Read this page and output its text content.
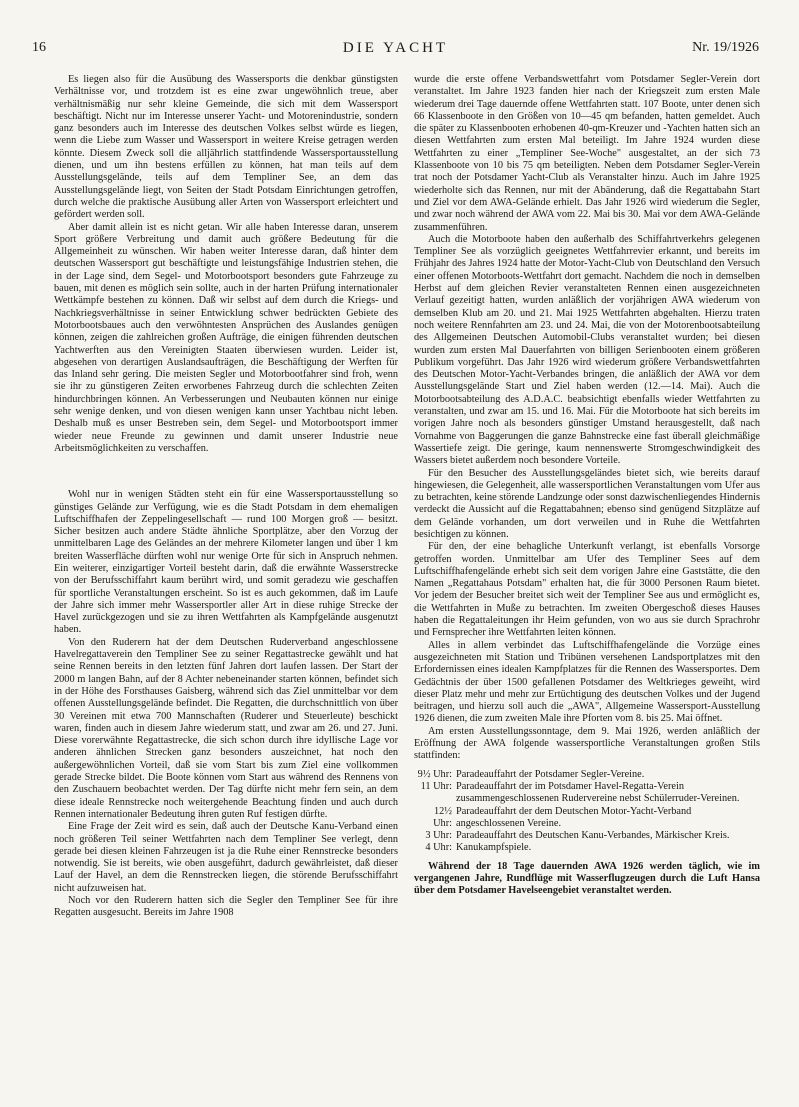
16	DIE YACHT	Nr. 19/1926

Es liegen also für die Ausübung des Wassersports die denkbar günstigsten Verhältnisse vor, und trotzdem ist es eine zwar ungewöhnlich treue, aber verhältnismäßig nur sehr kleine Gemeinde, die sich mit dem Wassersport beschäftigt. Nicht nur im Interesse unserer Yacht- und Motorenindustrie, sondern ganz besonders auch im Interesse des deutschen Volkes selbst würde es liegen, wenn die Liebe zum Wasser und Wassersport in weitere Kreise getragen werden könnte. Diesem Zweck soll die alljährlich stattfindende Wassersportausstellung dienen, und um ihn bestens erfüllen zu können, hat man teils auf dem Ausstellungsgelände, teils auf dem Templiner See, an dem das Ausstellungsgelände liegt, von Seiten der Stadt Potsdam Einrichtungen getroffen, durch welche die praktische Ausübung aller Arten von Wassersport erleichtert und gefördert werden soll.

Aber damit allein ist es nicht getan. Wir alle haben Interesse daran, unserem Sport größere Verbreitung und damit auch größere Bedeutung für die Allgemeinheit zu wünschen. Wir haben weiter Interesse daran, daß hinter dem deutschen Wassersport gut beschäftigte und leistungsfähige Industrien stehen, die in der Lage sind, dem Segel- und Motorbootsport besonders gute Fahrzeuge zu bauen, mit denen es möglich sein sollte, auch in der harten Prüfung internationaler Wettkämpfe bestehen zu können. Daß wir selbst auf dem durch die Kriegs- und Nachkriegsverhältnisse in seiner Entwicklung schwer bedrückten Gebiete des Motorbootsbaues auch den verwöhntesten Ansprüchen des Auslandes genügen können, zeigen die zahlreichen großen Aufträge, die einigen führenden deutschen Yachtwerften aus den Vereinigten Staaten überwiesen wurden. Leider ist, abgesehen von derartigen Auslandsaufträgen, die Beschäftigung der Werften für das Inland sehr gering. Die meisten Segler und Motorbootfahrer sind froh, wenn sie ihr zu günstigeren Zeiten erworbenes Fahrzeug durch die schlechten Zeiten hindurchbringen können. An Verbesserungen und Neubauten können nur einige sehr wenige denken, und von diesen wenigen kann unser Yachtbau nicht leben. Deshalb muß es unser Bestreben sein, dem Segel- und Motorbootsport immer wieder neue Freunde zu gewinnen und damit unserer Industrie neue Arbeitsmöglichkeiten zu verschaffen.

Wohl nur in wenigen Städten steht ein für eine Wassersportausstellung so günstiges Gelände zur Verfügung, wie es die Stadt Potsdam in dem ehemaligen Luftschiffhafen der Zeppelingesellschaft — rund 100 Morgen groß — besitzt. Sicher besitzen auch andere Städte ähnliche Sportplätze, aber den Vorzug der unmittelbaren Lage des Geländes an der mehrere Kilometer langen und über 1 km breiten Wasserfläche dürften wohl nur wenige Orte für sich in Anspruch nehmen. Ein weiterer, einzigartiger Vorteil besteht darin, daß die erwähnte Wasserstrecke von der Berufsschiffahrt kaum berührt wird, und somit geradezu wie geschaffen für sportliche Veranstaltungen erscheint. So ist es auch gekommen, daß im Laufe der Jahre sich immer mehr Wassersportler aller Art in diese ruhige Strecke der Havel zurückgezogen und sie zu ihren Wettfahrten als Kampfgelände ausgenutzt haben.

Von den Ruderern hat der dem Deutschen Ruderverband angeschlossene Havelregattaverein den Templiner See zu seiner Regattastrecke gewählt und hat seine Rennen bereits in den letzten fünf Jahren dort laufen lassen. Der Start der 2000 m langen Bahn, auf der 8 Achter nebeneinander starten können, befindet sich in der Höhe des Forsthauses Gaisberg, während sich das Ziel unmittelbar vor dem offenen Ausstellungsgelände befindet. Die Regatten, die durchschnittlich von über 30 Vereinen mit etwa 700 Mannschaften (Ruderer und Steuerleute) beschickt waren, finden auch in diesem Jahre wiederum statt, und zwar am 26. und 27. Juni. Diese vorerwähnte Regattastrecke, die sich schon durch ihre idyllische Lage vor anderen ähnlichen Strecken ganz besonders auszeichnet, hat noch den außergewöhnlichen Vorteil, daß sie vom Start bis zum Ziel eine vollkommen gerade Strecke bildet. Die Boote können vom Start aus während des Rennens von den Zuschauern beobachtet werden. Der Tag dürfte nicht mehr fern sein, an dem diese ideale Rennstrecke noch weitergehende Beachtung finden und auch durch Rennen internationaler Bedeutung ihren guten Ruf festigen dürfte.

Eine Frage der Zeit wird es sein, daß auch der Deutsche Kanu-Verband einen noch größeren Teil seiner Wettfahrten nach dem Templiner See verlegt, denn gerade bei diesen kleinen Fahrzeugen ist ja die Ruhe einer Rennstrecke besonders notwendig. Sie ist bereits, wie oben ausgeführt, dadurch gewährleistet, daß dieser Lauf der Havel, an dem die Rennstrecken liegen, die störende Berufsschiffahrt nicht aufzuweisen hat.

Noch vor den Ruderern hatten sich die Segler den Templiner See für ihre Regatten ausgesucht. Bereits im Jahre 1908

wurde die erste offene Verbandswettfahrt vom Potsdamer Segler-Verein dort veranstaltet. Im Jahre 1923 fanden hier nach der Kriegszeit zum ersten Male wiederum drei Tage dauernde offene Wettfahrten statt. 107 Boote, unter denen sich 66 Klassenboote in den Größen von 10—45 qm befanden, hatten gemeldet. Auch die später zu Klassenbooten erhobenen 40-qm-Kreuzer und -Yachten hatten sich an diesen Wettfahrten zum ersten Mal beteiligt. Im Jahre 1924 wurden diese Wettfahrten zu einer „Templiner See-Woche" ausgestaltet, an der sich 73 Klassenboote von 10 bis 75 qm beteiligten. Neben dem Potsdamer Segler-Verein trat noch der Potsdamer Yacht-Club als Veranstalter hinzu. Auch im Jahre 1925 wiederholte sich das Rennen, nur mit der Abänderung, daß die Regattabahn Start und Ziel vor dem AWA-Gelände erhielt. Das Jahr 1926 wird wiederum die Segler, und zwar noch während der AWA vom 22. Mai bis 30. Mai vor dem AWA-Gelände zusammenführen.

Auch die Motorboote haben den außerhalb des Schiffahrtverkehrs gelegenen Templiner See als vorzüglich geeignetes Wettfahrrevier erkannt, und bereits im Frühjahr des Jahres 1924 hatte der Motor-Yacht-Club von Deutschland den Versuch einer offenen Motorboots-Wettfahrt dort gemacht. Nachdem die noch in demselben Herbst auf dem gleichen Revier veranstalteten Rennen einen ausgezeichneten Verlauf gezeitigt hatten, wurden anläßlich der vorjährigen AWA wiederum von demselben Klub am 20. und 21. Mai 1925 Wettfahrten abgehalten. Hierzu traten noch weitere Rennfahrten am 23. und 24. Mai, die von der Motorenbootsabteilung des Allgemeinen Deutschen Automobil-Clubs veranstaltet wurden; bei diesen wurden zum ersten Mal Dauerfahrten von billigen Serienbooten einem größeren Publikum vorgeführt. Das Jahr 1926 wird wiederum größere Verbandswettfahrten des Deutschen Motor-Yacht-Verbandes bringen, die anläßlich der AWA vor dem Ausstellungsgelände Start und Ziel haben werden (12.—14. Mai). Auch die Motorbootsabteilung des A.D.A.C. beabsichtigt ebenfalls wieder Wettfahrten zu veranstalten, und zwar am 15. und 16. Mai. Für die Motorboote hat sich bereits im vorigen Jahre noch als besonders günstiger Umstand herausgestellt, daß nach Vornahme von Baggerungen die ganze Bahnstrecke eine fast überall gleichmäßige Wassertiefe zeigt. Die geringe, kaum nennenswerte Stromgeschwindigkeit des Wassers bietet außerdem noch besondere Vorteile.

Für den Besucher des Ausstellungsgeländes bietet sich, wie bereits darauf hingewiesen, die Gelegenheit, alle wassersportlichen Veranstaltungen vom Ufer aus zu betrachten, keine störende Landzunge oder sonst dazwischenliegendes Hindernis verdeckt die Aussicht auf die Regattabahnen; ebenso sind genügend Sitzplätze auf dem Gelände vorhanden, um dort verweilen und in Ruhe die Wettfahrten besichtigen zu können.

Für den, der eine behagliche Unterkunft verlangt, ist ebenfalls Vorsorge getroffen worden. Unmittelbar am Ufer des Templiner Sees auf dem Luftschiffhafengelände erhebt sich seit dem vorigen Jahre eine Gaststätte, die den Namen „Regattahaus Potsdam" erhalten hat, die für 3000 Personen Raum bietet. Vor jedem der Besucher breitet sich weit der Templiner See aus und ermöglicht es, die Wettfahrten in Muße zu betrachten. Im zweiten Obergeschoß dieses Hauses haben die Regattaleitungen ihr Heim gefunden, von wo aus sie durch Sprachrohr und Fernsprecher ihre Wettfahrten leiten können.

Alles in allem verbindet das Luftschiffhafengelände die Vorzüge eines ausgezeichneten mit Station und Tribünen versehenen Landsportplatzes mit den Erfordernissen eines idealen Kampfplatzes für die Rennen des Wassersportes. Dem Gedächtnis der über 1500 gefallenen Potsdamer des Weltkrieges geweiht, wird dieser Platz mehr und mehr zur Ertüchtigung des deutschen Volkes und der Jugend beitragen, und hierzu soll auch die „AWA", Allgemeine Wassersport-Ausstellung 1926 dienen, die zum zweiten Male ihre Pforten vom 8. bis 25. Mai öffnet.

Am ersten Ausstellungssonntage, dem 9. Mai 1926, werden anläßlich der Eröffnung der AWA folgende wassersportliche Veranstaltungen großen Stils stattfinden:

9½ Uhr: Paradeauffahrt der Potsdamer Segler-Vereine.
11 Uhr: Paradeauffahrt der im Potsdamer Havel-Regatta-Verein zusammengeschlossenen Rudervereine nebst Schülerruder-Vereinen.
12½ Uhr:
Paradeauffahrt der dem Deutschen Motor-Yacht-Verband angeschlossenen Vereine.
3 Uhr: Paradeauffahrt des Deutschen Kanu-Verbandes, Märkischer Kreis.
4 Uhr: Kanukampfspiele.

Während der 18 Tage dauernden AWA 1926 werden täglich, wie im vergangenen Jahre, Rundflüge mit Wasserflugzeugen durch die Luft Hansa über dem Potsdamer Havelseengebiet veranstaltet werden.
